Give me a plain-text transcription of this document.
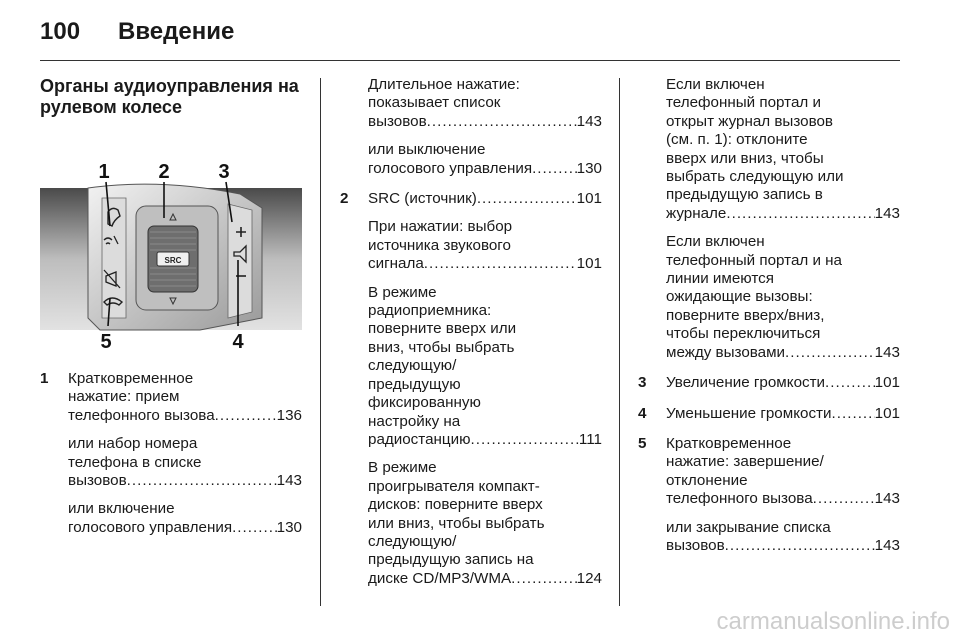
100 Введение
Органы аудиоуправления на
рулевом колесе
SRC
1 2 3
4
5
1 Кратковременное
нажатие: прием
телефонного вызова . . .	136
или набор номера
телефона в списке
вызовов . . .	143
или включение
голосового управления . . .	130
Длительное нажатие:
показывает список
вызовов . . .	143
или выключение
голосового управления . . .	130
2 SRC (источник) . . .	101
При нажатии: выбор
источника звукового
сигнала . . .	101
В режиме
радиоприемника:
поверните вверх или
вниз, чтобы выбрать
следующую/
предыдущую
фиксированную
настройку на
радиостанцию . . .	111
В режиме
проигрывателя компакт-
дисков: поверните вверх
или вниз, чтобы выбрать
следующую/
предыдущую запись на
диске CD/MP3/WMA . . .	124
Если включен
телефонный портал и
открыт журнал вызовов
(см. п. 1): отклоните
вверх или вниз, чтобы
выбрать следующую или
предыдущую запись в
журнале . . .	143
Если включен
телефонный портал и на
линии имеются
ожидающие вызовы:
поверните вверх/вниз,
чтобы переключиться
между вызовами . . .	143
3 Увеличение громкости . . .	101
4 Уменьшение громкости . . .	101
5 Кратковременное
нажатие: завершение/
отклонение
телефонного вызова . . .	143
или закрывание списка
вызовов . . .	143
carmanualsonline.info
